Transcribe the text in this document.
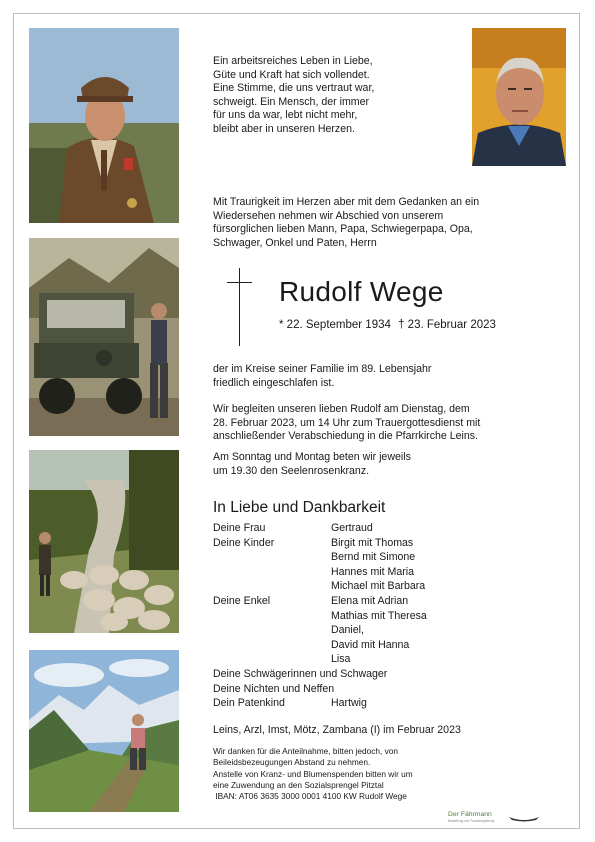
Ein arbeitsreiches Leben in Liebe,
Güte und Kraft hat sich vollendet.
Eine Stimme, die uns vertraut war,
schweigt. Ein Mensch, der immer
für uns da war, lebt nicht mehr,
bleibt aber in unseren Herzen.
Mit Traurigkeit im Herzen aber mit dem Gedanken an ein
Wiedersehen nehmen wir Abschied von unserem
fürsorglichen lieben Mann, Papa, Schwiegerpapa, Opa,
Schwager, Onkel und Paten, Herrn
Rudolf Wege
* 22. September 1934 † 23. Februar 2023
der im Kreise seiner Familie im 89. Lebensjahr
friedlich eingeschlafen ist.
Wir begleiten unseren lieben Rudolf am Dienstag, dem
28. Februar 2023, um 14 Uhr zum Trauergottesdienst mit
anschließender Verabschiedung in die Pfarrkirche Leins.
Am Sonntag und Montag beten wir jeweils
um 19.30 den Seelenrosenkranz.
In Liebe und Dankbarkeit
Deine Frau	Gertraud
Deine Kinder	Birgit mit Thomas
Bernd mit Simone
Hannes mit Maria
Michael mit Barbara
Deine Enkel	Elena mit Adrian
Mathias mit Theresa
Daniel,
David mit Hanna
Lisa
Deine Schwägerinnen und Schwager
Deine Nichten und Neffen
Dein Patenkind	Hartwig
Leins, Arzl, Imst, Mötz, Zambana (I) im Februar 2023
Wir danken für die Anteilnahme, bitten jedoch, von
Beileidsbezeugungen Abstand zu nehmen.
Anstelle von Kranz- und Blumenspenden bitten wir um
eine Zuwendung an den Sozialsprengel Pitztal
IBAN: AT06 3635 3000 0001 4100 KW Rudolf Wege
Der Fährmann
Bestattung und Trauerbegleitung
